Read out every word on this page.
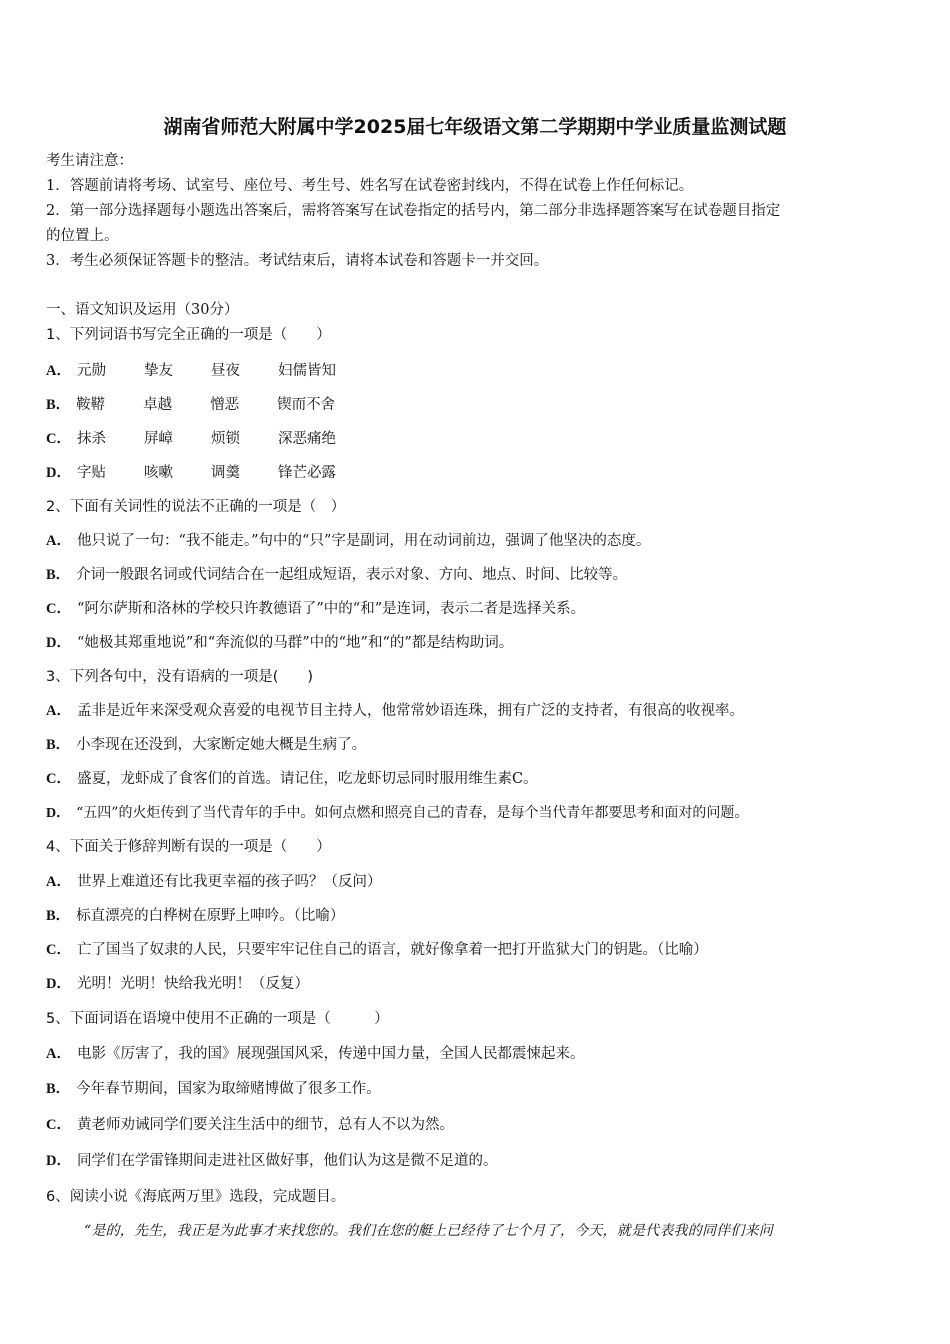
湖南省师范大附属中学2025届七年级语文第二学期期中学业质量监测试题
考生请注意：
1．答题前请将考场、试室号、座位号、考生号、姓名写在试卷密封线内，不得在试卷上作任何标记。
2．第一部分选择题每小题选出答案后，需将答案写在试卷指定的括号内，第二部分非选择题答案写在试卷题目指定
的位置上。
3．考生必须保证答题卡的整洁。考试结束后，请将本试卷和答题卡一并交回。
一、语文知识及运用（30分）
1、下列词语书写完全正确的一项是（　　）
A． 元勋	挚友	昼夜	妇儒皆知
B． 鞍鞯	卓越	憎恶	锲而不舍
C． 抹杀	屏嶂	烦锁	深恶痛绝
D． 字贴	咳嗽	调羹	锋芒必露
2、下面有关词性的说法不正确的一项是（　）
A． 他只说了一句：“我不能走。”句中的“只”字是副词，用在动词前边，强调了他坚决的态度。
B． 介词一般跟名词或代词结合在一起组成短语，表示对象、方向、地点、时间、比较等。
C． “阿尔萨斯和洛林的学校只许教德语了”中的“和”是连词，表示二者是选择关系。
D． “她极其郑重地说”和“奔流似的马群”中的“地”和“的”都是结构助词。
3、下列各句中，没有语病的一项是(　　)
A． 孟非是近年来深受观众喜爱的电视节目主持人，他常常妙语连珠，拥有广泛的支持者，有很高的收视率。
B． 小李现在还没到，大家断定她大概是生病了。
C． 盛夏，龙虾成了食客们的首选。请记住，吃龙虾切忌同时服用维生素C。
D． “五四”的火炬传到了当代青年的手中。如何点燃和照亮自己的青春，是每个当代青年都要思考和面对的问题。
4、下面关于修辞判断有误的一项是（　　）
A． 世界上难道还有比我更幸福的孩子吗？（反问）
B． 标直漂亮的白桦树在原野上呻吟。（比喻）
C． 亡了国当了奴隶的人民，只要牢牢记住自己的语言，就好像拿着一把打开监狱大门的钥匙。（比喻）
D． 光明！光明！快给我光明！（反复）
5、下面词语在语境中使用不正确的一项是（　　　）
A． 电影《厉害了，我的国》展现强国风采，传递中国力量，全国人民都震悚起来。
B． 今年春节期间，国家为取缔赌博做了很多工作。
C． 黄老师劝诫同学们要关注生活中的细节，总有人不以为然。
D． 同学们在学雷锋期间走进社区做好事，他们认为这是微不足道的。
6、阅读小说《海底两万里》选段，完成题目。
“是的，先生，我正是为此事才来找您的。我们在您的艇上已经待了七个月了，今天，就是代表我的同伴们来问
